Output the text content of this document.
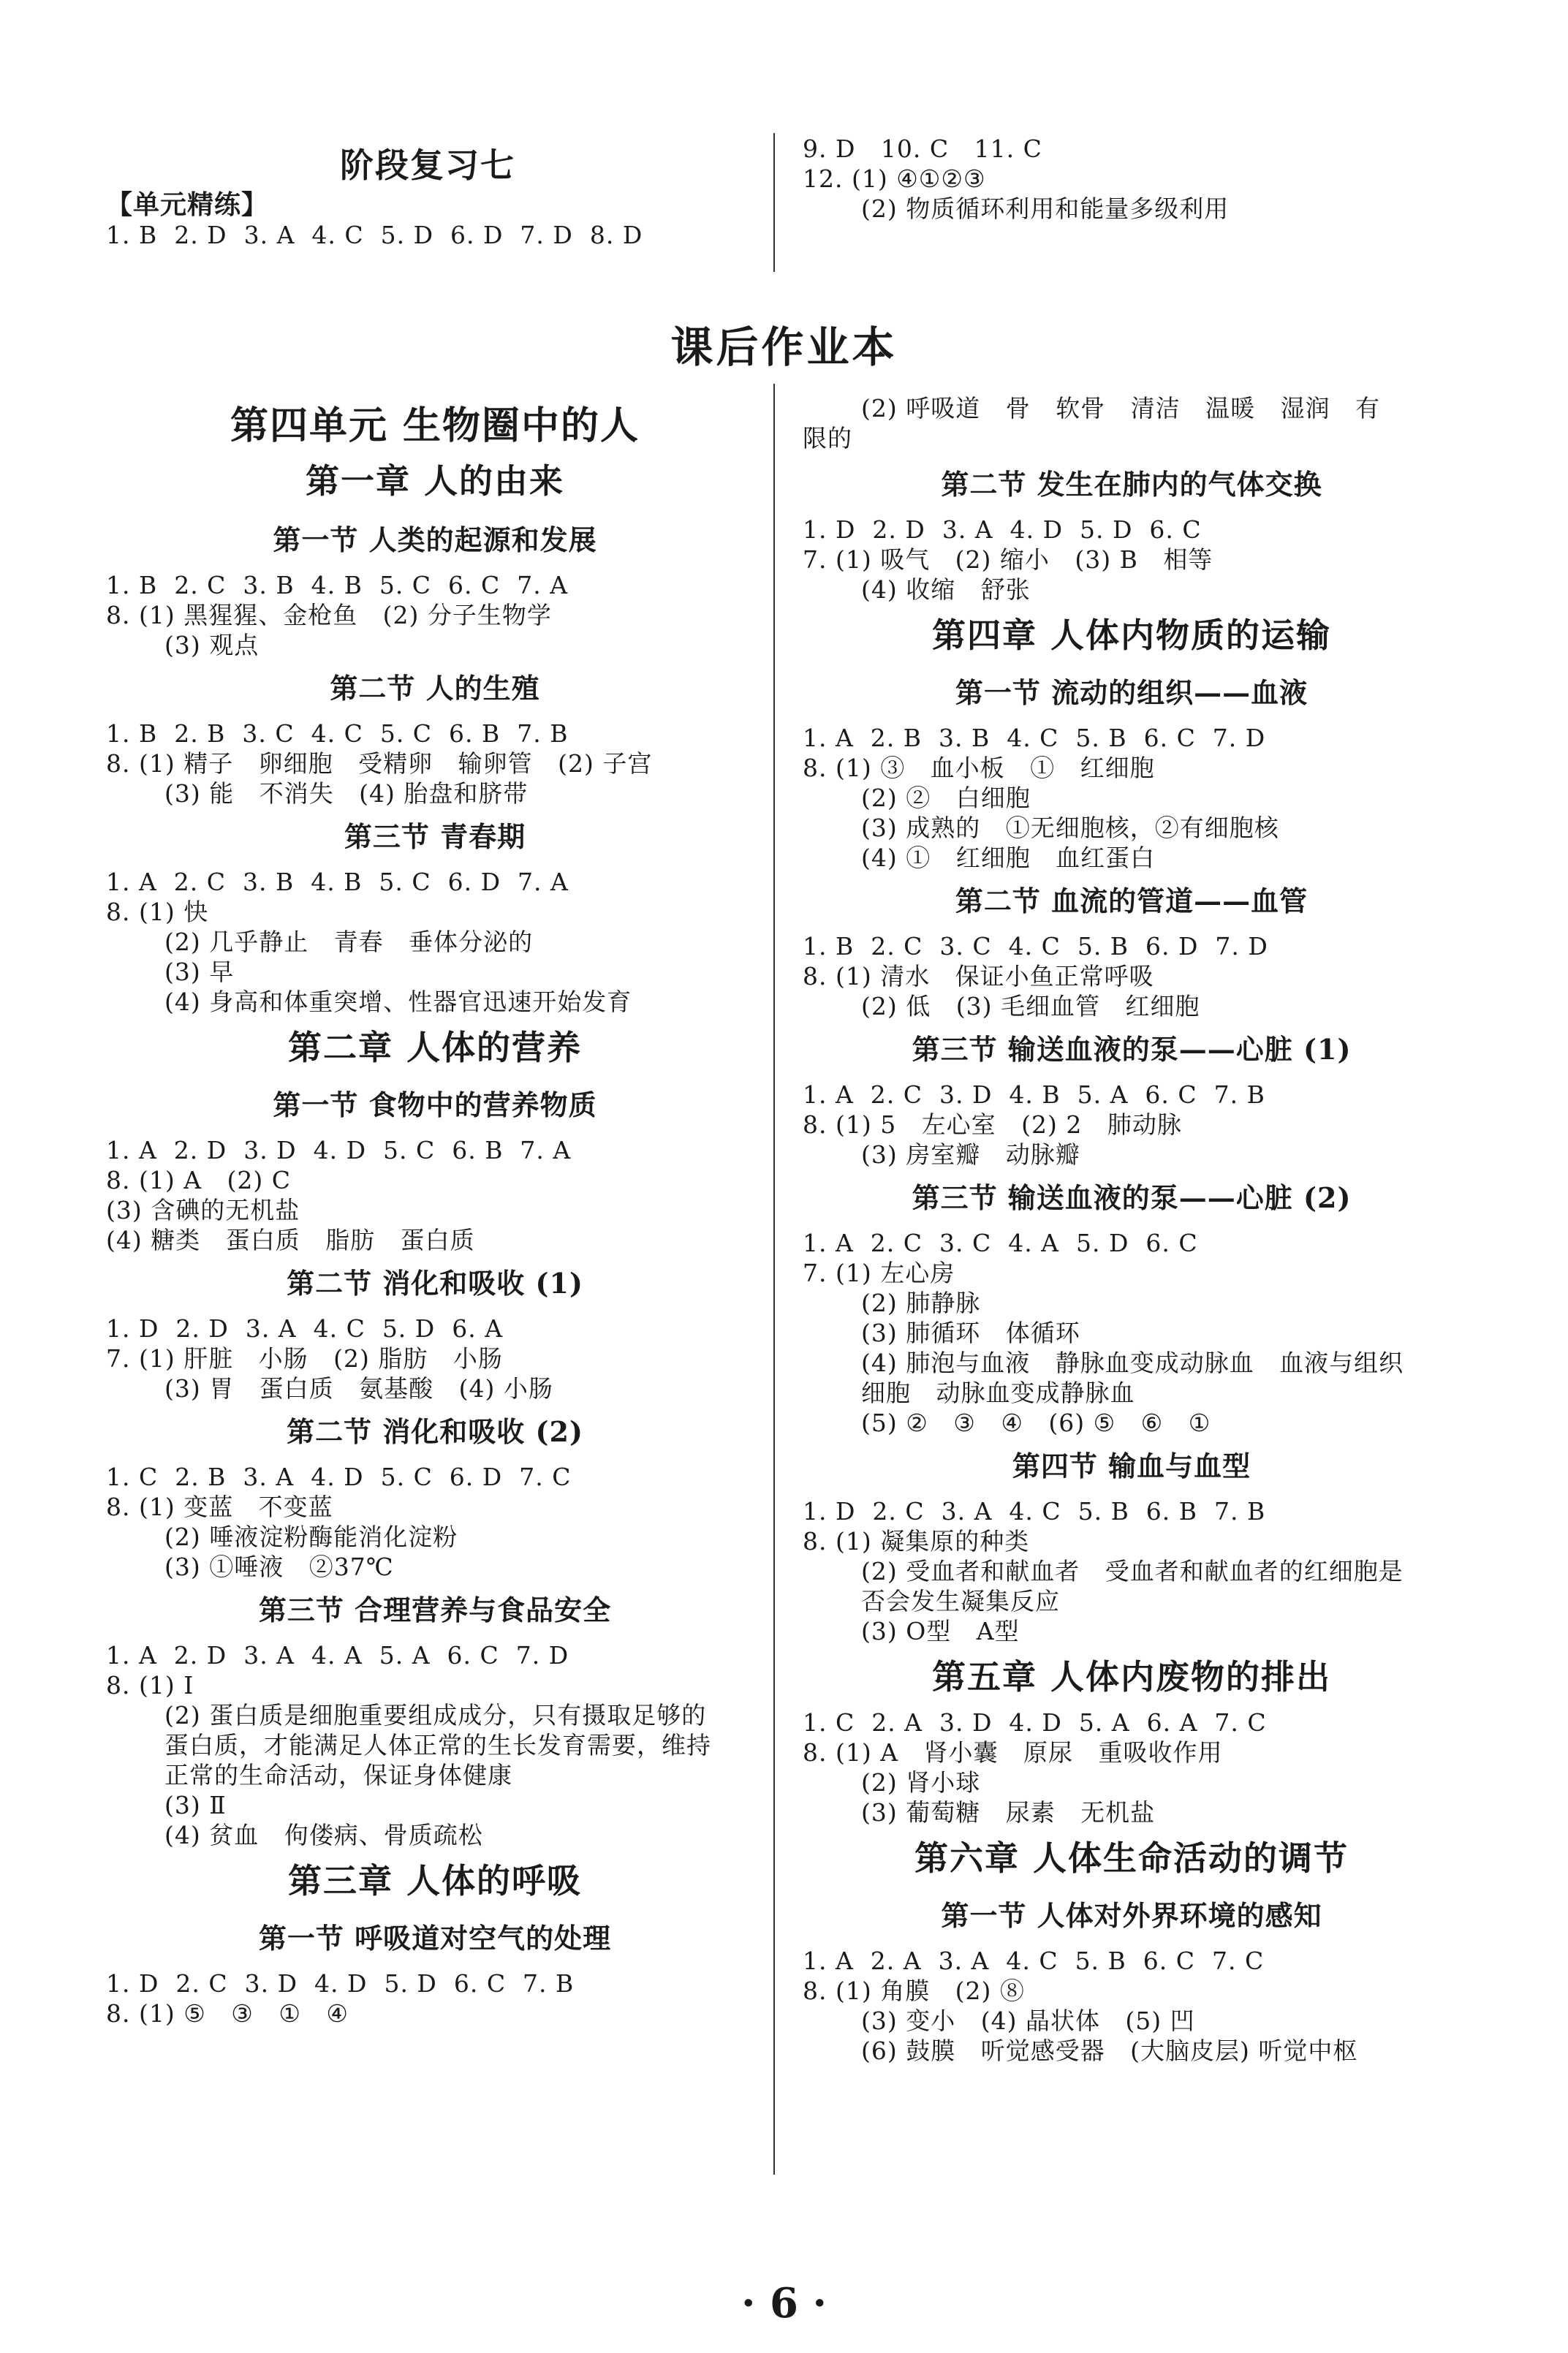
阶段复习七
【单元精练】
1. B  2. D  3. A  4. C  5. D  6. D  7. D  8. D
9. D   10. C   11. C
12. (1) ④①②③
(2) 物质循环利用和能量多级利用
课后作业本
第四单元 生物圈中的人
第一章 人的由来
第一节 人类的起源和发展
1. B  2. C  3. B  4. B  5. C  6. C  7. A
8. (1) 黑猩猩、金枪鱼   (2) 分子生物学
(3) 观点
第二节 人的生殖
1. B  2. B  3. C  4. C  5. C  6. B  7. B
8. (1) 精子   卵细胞   受精卵   输卵管   (2) 子宫
(3) 能   不消失   (4) 胎盘和脐带
第三节 青春期
1. A  2. C  3. B  4. B  5. C  6. D  7. A
8. (1) 快
(2) 几乎静止   青春   垂体分泌的
(3) 早
(4) 身高和体重突增、性器官迅速开始发育
第二章 人体的营养
第一节 食物中的营养物质
1. A  2. D  3. D  4. D  5. C  6. B  7. A
8. (1) A   (2) C
(3) 含碘的无机盐
(4) 糖类   蛋白质   脂肪   蛋白质
第二节 消化和吸收 (1)
1. D  2. D  3. A  4. C  5. D  6. A
7. (1) 肝脏   小肠   (2) 脂肪   小肠
(3) 胃   蛋白质   氨基酸   (4) 小肠
第二节 消化和吸收 (2)
1. C  2. B  3. A  4. D  5. C  6. D  7. C
8. (1) 变蓝   不变蓝
(2) 唾液淀粉酶能消化淀粉
(3) ①唾液   ②37℃
第三节 合理营养与食品安全
1. A  2. D  3. A  4. A  5. A  6. C  7. D
8. (1) Ⅰ
(2) 蛋白质是细胞重要组成成分，只有摄取足够的
蛋白质，才能满足人体正常的生长发育需要，维持
正常的生命活动，保证身体健康
(3) Ⅱ
(4) 贫血   佝偻病、骨质疏松
第三章 人体的呼吸
第一节 呼吸道对空气的处理
1. D  2. C  3. D  4. D  5. D  6. C  7. B
8. (1) ⑤   ③   ①   ④
(2) 呼吸道   骨   软骨   清洁   温暖   湿润   有
限的
第二节 发生在肺内的气体交换
1. D  2. D  3. A  4. D  5. D  6. C
7. (1) 吸气   (2) 缩小   (3) B   相等
(4) 收缩   舒张
第四章 人体内物质的运输
第一节 流动的组织——血液
1. A  2. B  3. B  4. C  5. B  6. C  7. D
8. (1) ③   血小板   ①   红细胞
(2) ②   白细胞
(3) 成熟的   ①无细胞核，②有细胞核
(4) ①   红细胞   血红蛋白
第二节 血流的管道——血管
1. B  2. C  3. C  4. C  5. B  6. D  7. D
8. (1) 清水   保证小鱼正常呼吸
(2) 低   (3) 毛细血管   红细胞
第三节 输送血液的泵——心脏 (1)
1. A  2. C  3. D  4. B  5. A  6. C  7. B
8. (1) 5   左心室   (2) 2   肺动脉
(3) 房室瓣   动脉瓣
第三节 输送血液的泵——心脏 (2)
1. A  2. C  3. C  4. A  5. D  6. C
7. (1) 左心房
(2) 肺静脉
(3) 肺循环   体循环
(4) 肺泡与血液   静脉血变成动脉血   血液与组织
细胞   动脉血变成静脉血
(5) ②   ③   ④   (6) ⑤   ⑥   ①
第四节 输血与血型
1. D  2. C  3. A  4. C  5. B  6. B  7. B
8. (1) 凝集原的种类
(2) 受血者和献血者   受血者和献血者的红细胞是
否会发生凝集反应
(3) O型   A型
第五章 人体内废物的排出
1. C  2. A  3. D  4. D  5. A  6. A  7. C
8. (1) A   肾小囊   原尿   重吸收作用
(2) 肾小球
(3) 葡萄糖   尿素   无机盐
第六章 人体生命活动的调节
第一节 人体对外界环境的感知
1. A  2. A  3. A  4. C  5. B  6. C  7. C
8. (1) 角膜   (2) ⑧
(3) 变小   (4) 晶状体   (5) 凹
(6) 鼓膜   听觉感受器   (大脑皮层) 听觉中枢
· 6 ·
